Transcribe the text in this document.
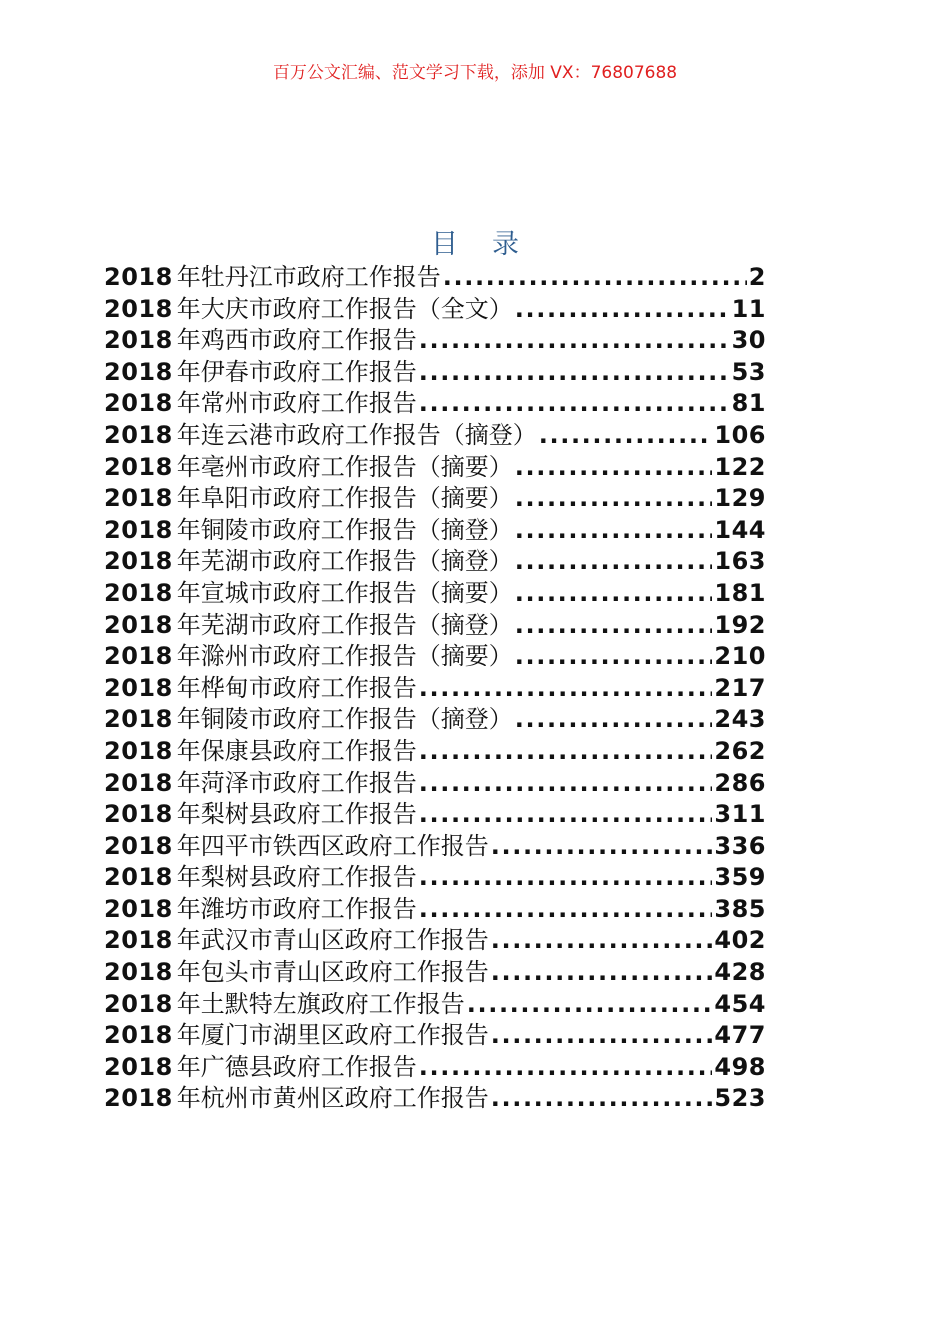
百万公文汇编、范文学习下载，添加 VX：76807688
目 录
2018 年牡丹江市政府工作报告 .....	2
2018 年大庆市政府工作报告（全文） .....	11
2018 年鸡西市政府工作报告 .....	30
2018 年伊春市政府工作报告 .....	53
2018 年常州市政府工作报告 .....	81
2018 年连云港市政府工作报告（摘登） .....	106
2018 年亳州市政府工作报告（摘要） .....	122
2018 年阜阳市政府工作报告（摘要） .....	129
2018 年铜陵市政府工作报告（摘登） .....	144
2018 年芜湖市政府工作报告（摘登） .....	163
2018 年宣城市政府工作报告（摘要） .....	181
2018 年芜湖市政府工作报告（摘登） .....	192
2018 年滁州市政府工作报告（摘要） .....	210
2018 年桦甸市政府工作报告 .....	217
2018 年铜陵市政府工作报告（摘登） .....	243
2018 年保康县政府工作报告 .....	262
2018 年菏泽市政府工作报告 .....	286
2018 年梨树县政府工作报告 .....	311
2018 年四平市铁西区政府工作报告 .....	336
2018 年梨树县政府工作报告 .....	359
2018 年潍坊市政府工作报告 .....	385
2018 年武汉市青山区政府工作报告 .....	402
2018 年包头市青山区政府工作报告 .....	428
2018 年土默特左旗政府工作报告 .....	454
2018 年厦门市湖里区政府工作报告 .....	477
2018 年广德县政府工作报告 .....	498
2018 年杭州市黄州区政府工作报告 .....	523
